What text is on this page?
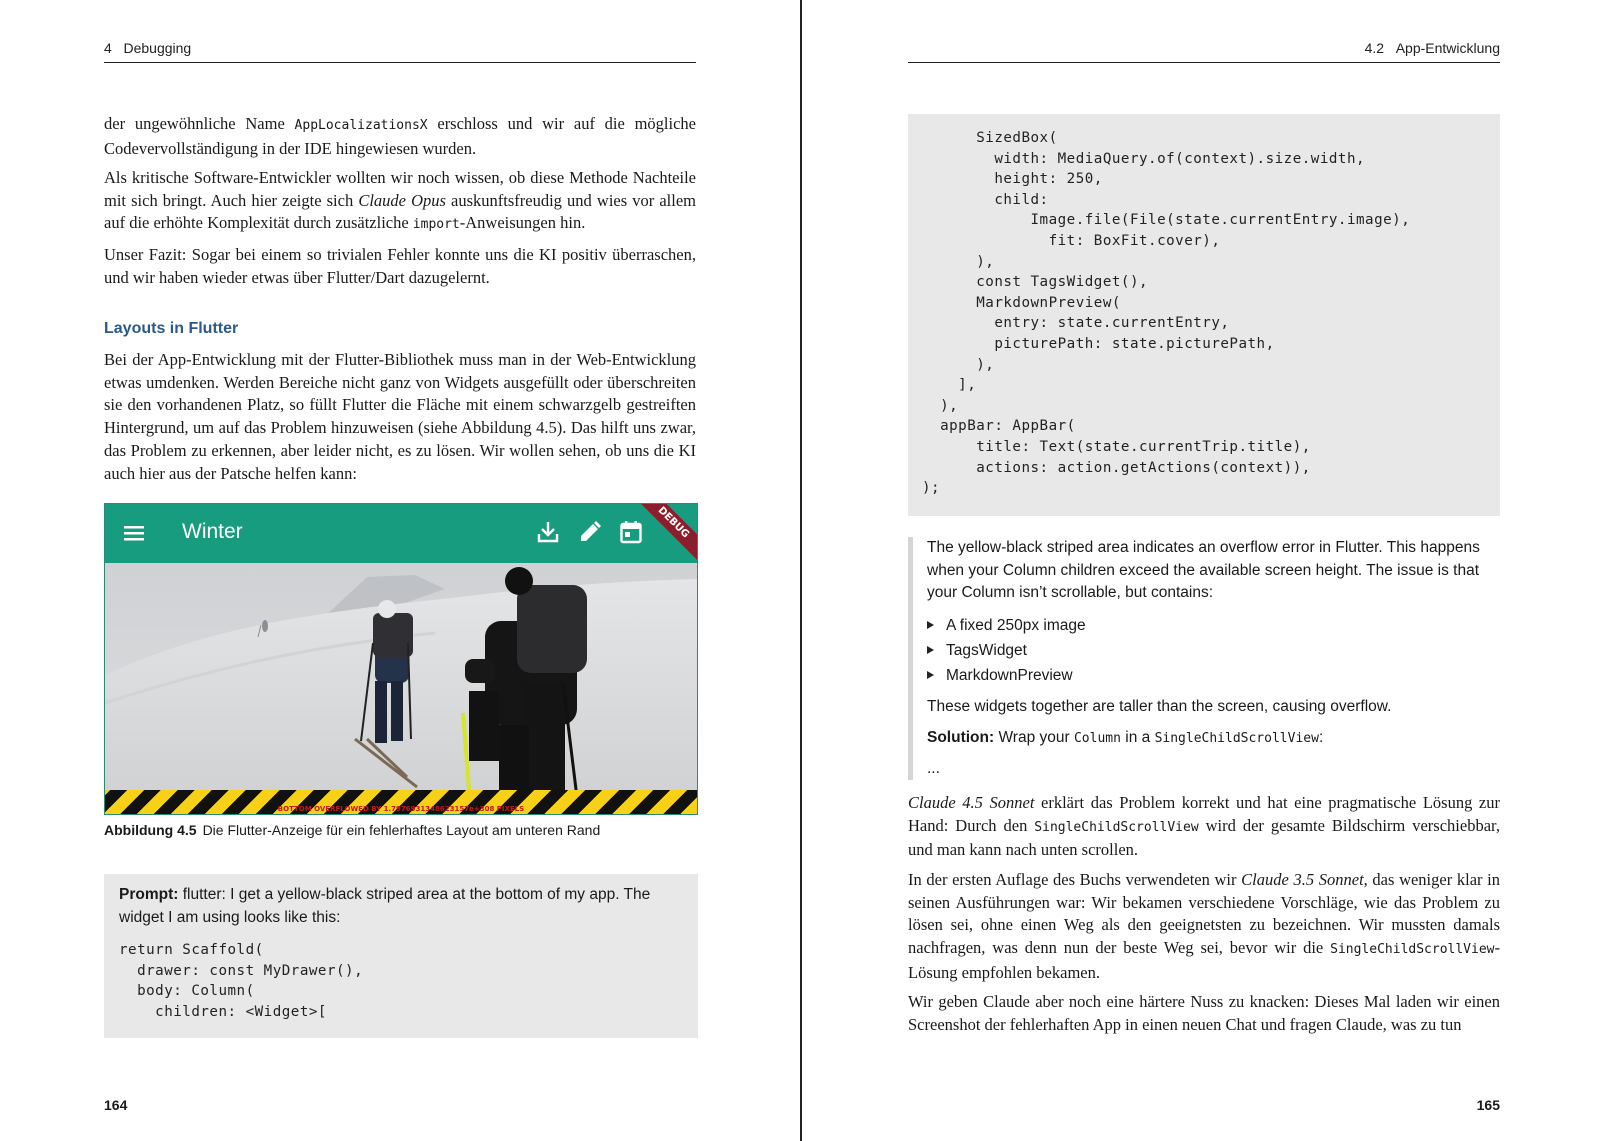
4 Debugging

der ungewöhnliche Name AppLocalizationsX erschloss und wir auf die mögliche Codevervollständigung in der IDE hingewiesen wurden.

Als kritische Software-Entwickler wollten wir noch wissen, ob diese Methode Nachteile mit sich bringt. Auch hier zeigte sich Claude Opus auskunftsfreudig und wies vor allem auf die erhöhte Komplexität durch zusätzliche import-Anweisungen hin.

Unser Fazit: Sogar bei einem so trivialen Fehler konnte uns die KI positiv überraschen, und wir haben wieder etwas über Flutter/Dart dazugelernt.

Layouts in Flutter

Bei der App-Entwicklung mit der Flutter-Bibliothek muss man in der Web-Entwicklung etwas umdenken. Werden Bereiche nicht ganz von Widgets ausgefüllt oder überschreiten sie den vorhandenen Platz, so füllt Flutter die Fläche mit einem schwarzgelb gestreiften Hintergrund, um auf das Problem hinzuweisen (siehe Abbildung 4.5). Das hilft uns zwar, das Problem zu erkennen, aber leider nicht, es zu lösen. Wir wollen sehen, ob uns die KI auch hier aus der Patsche helfen kann:

Winter	DEBUG
BOTTOM OVERFLOWED BY 1.7976931348623157e+308 PIXELS
Abbildung 4.5 Die Flutter-Anzeige für ein fehlerhaftes Layout am unteren Rand

Prompt: flutter: I get a yellow-black striped area at the bottom of my app. The widget I am using looks like this:

return Scaffold(
drawer: const MyDrawer(),
body: Column(
children: <Widget>[
164
4.2 App-Entwicklung
SizedBox(
width: MediaQuery.of(context).size.width,
height: 250,
child:
Image.file(File(state.currentEntry.image),
fit: BoxFit.cover),
),
const TagsWidget(),
MarkdownPreview(
entry: state.currentEntry,
picturePath: state.picturePath,
),
],
),
appBar: AppBar(
title: Text(state.currentTrip.title),
actions: action.getActions(context)),
);

The yellow-black striped area indicates an overflow error in Flutter. This happens when your Column children exceed the available screen height. The issue is that your Column isn’t scrollable, but contains:

A fixed 250px image
TagsWidget
MarkdownPreview

These widgets together are taller than the screen, causing overflow.

Solution: Wrap your Column in a SingleChildScrollView:

...

Claude 4.5 Sonnet erklärt das Problem korrekt und hat eine pragmatische Lösung zur Hand: Durch den SingleChildScrollView wird der gesamte Bildschirm verschiebbar, und man kann nach unten scrollen.

In der ersten Auflage des Buchs verwendeten wir Claude 3.5 Sonnet, das weniger klar in seinen Ausführungen war: Wir bekamen verschiedene Vorschläge, wie das Problem zu lösen sei, ohne einen Weg als den geeignetsten zu bezeichnen. Wir mussten damals nachfragen, was denn nun der beste Weg sei, bevor wir die SingleChildScrollView-Lösung empfohlen bekamen.

Wir geben Claude aber noch eine härtere Nuss zu knacken: Dieses Mal laden wir einen Screenshot der fehlerhaften App in einen neuen Chat und fragen Claude, was zu tun

165
